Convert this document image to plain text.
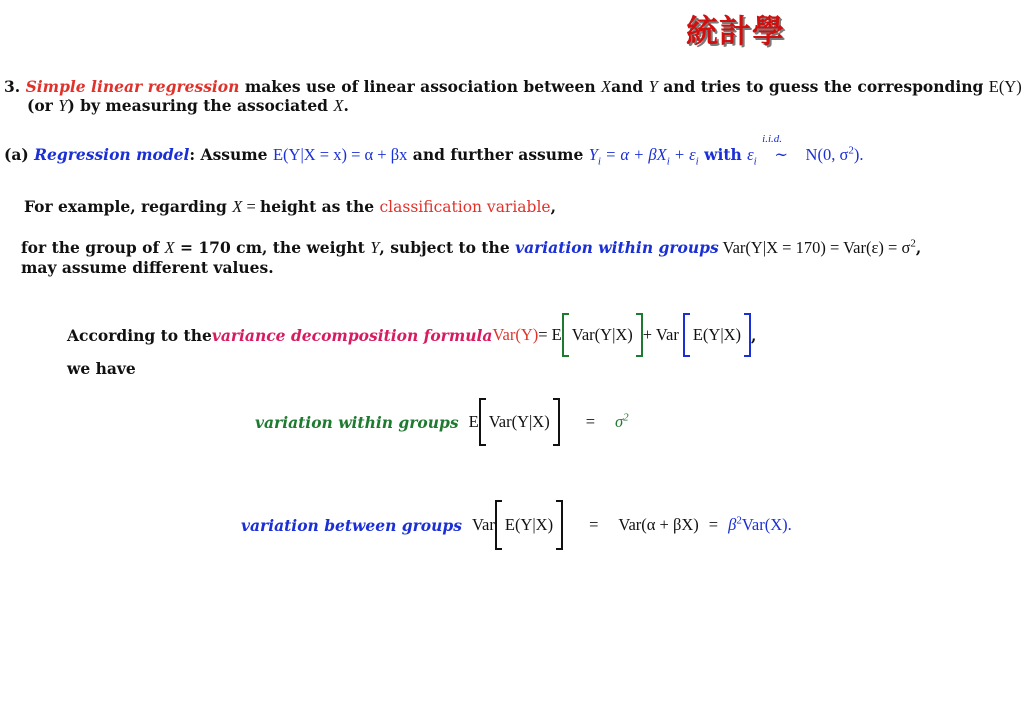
統計學
3. Simple linear regression makes use of linear association between Xand Y and tries to guess the corresponding E(Y)
(or Y) by measuring the associated X.
(a) Regression model: Assume E(Y|X = x) = α + βx and further assume $Y_i = \alpha + \beta X_i + \varepsilon_i$ with $\varepsilon_i$
i.i.d.
∼ N(0, $\sigma^2$).
For example, regarding X = height as the classification variable,
for the group of X = 170 cm, the weight Y, subject to the variation within groups $Var(Y|X = 170) = Var(\varepsilon) = \sigma^2$,
may assume different values.
According to the variance decomposition formula Var(Y) = E Var(Y|X) + Var E(Y|X) ,
we have
variation within groups E $Var(Y|X) = \sigma^2$
variation between groups Var $E(Y|X) = Var(\alpha + \beta X) = \beta^2Var(X)$.
